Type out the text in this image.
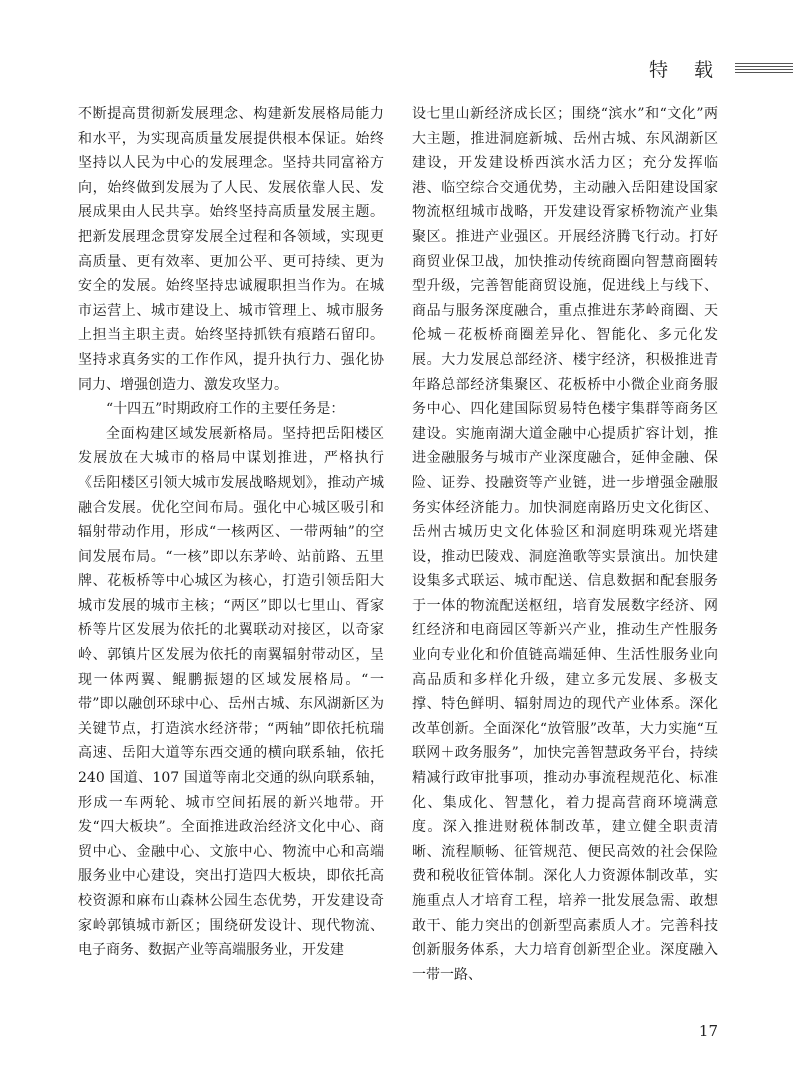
特 载

不断提高贯彻新发展理念、构建新发展格局能力和水平，为实现高质量发展提供根本保证。始终坚持以人民为中心的发展理念。坚持共同富裕方向，始终做到发展为了人民、发展依靠人民、发展成果由人民共享。始终坚持高质量发展主题。把新发展理念贯穿发展全过程和各领域，实现更高质量、更有效率、更加公平、更可持续、更为安全的发展。始终坚持忠诚履职担当作为。在城市运营上、城市建设上、城市管理上、城市服务上担当主职主责。始终坚持抓铁有痕踏石留印。坚持求真务实的工作作风，提升执行力、强化协同力、增强创造力、激发攻坚力。

“十四五”时期政府工作的主要任务是：

全面构建区域发展新格局。坚持把岳阳楼区发展放在大城市的格局中谋划推进，严格执行《岳阳楼区引领大城市发展战略规划》，推动产城融合发展。优化空间布局。强化中心城区吸引和辐射带动作用，形成“一核两区、一带两轴”的空间发展布局。“一核”即以东茅岭、站前路、五里牌、花板桥等中心城区为核心，打造引领岳阳大城市发展的城市主核；“两区”即以七里山、胥家桥等片区发展为依托的北翼联动对接区，以奇家岭、郭镇片区发展为依托的南翼辐射带动区，呈现一体两翼、鲲鹏振翅的区域发展格局。“一带”即以融创环球中心、岳州古城、东风湖新区为关键节点，打造滨水经济带；“两轴”即依托杭瑞高速、岳阳大道等东西交通的横向联系轴，依托 240 国道、107 国道等南北交通的纵向联系轴，形成一车两轮、城市空间拓展的新兴地带。开发“四大板块”。全面推进政治经济文化中心、商贸中心、金融中心、文旅中心、物流中心和高端服务业中心建设，突出打造四大板块，即依托高校资源和麻布山森林公园生态优势，开发建设奇家岭郭镇城市新区；围绕研发设计、现代物流、电子商务、数据产业等高端服务业，开发建

设七里山新经济成长区；围绕“滨水”和“文化”两大主题，推进洞庭新城、岳州古城、东风湖新区建设，开发建设桥西滨水活力区；充分发挥临港、临空综合交通优势，主动融入岳阳建设国家物流枢纽城市战略，开发建设胥家桥物流产业集聚区。推进产业强区。开展经济腾飞行动。打好商贸业保卫战，加快推动传统商圈向智慧商圈转型升级，完善智能商贸设施，促进线上与线下、商品与服务深度融合，重点推进东茅岭商圈、天伦城－花板桥商圈差异化、智能化、多元化发展。大力发展总部经济、楼宇经济，积极推进青年路总部经济集聚区、花板桥中小微企业商务服务中心、四化建国际贸易特色楼宇集群等商务区建设。实施南湖大道金融中心提质扩容计划，推进金融服务与城市产业深度融合，延伸金融、保险、证券、投融资等产业链，进一步增强金融服务实体经济能力。加快洞庭南路历史文化街区、岳州古城历史文化体验区和洞庭明珠观光塔建设，推动巴陵戏、洞庭渔歌等实景演出。加快建设集多式联运、城市配送、信息数据和配套服务于一体的物流配送枢纽，培育发展数字经济、网红经济和电商园区等新兴产业，推动生产性服务业向专业化和价值链高端延伸、生活性服务业向高品质和多样化升级，建立多元发展、多极支撑、特色鲜明、辐射周边的现代产业体系。深化改革创新。全面深化“放管服”改革，大力实施“互联网＋政务服务”，加快完善智慧政务平台，持续精减行政审批事项，推动办事流程规范化、标准化、集成化、智慧化，着力提高营商环境满意度。深入推进财税体制改革，建立健全职责清晰、流程顺畅、征管规范、便民高效的社会保险费和税收征管体制。深化人力资源体制改革，实施重点人才培育工程，培养一批发展急需、敢想敢干、能力突出的创新型高素质人才。完善科技创新服务体系，大力培育创新型企业。深度融入一带一路、

17
